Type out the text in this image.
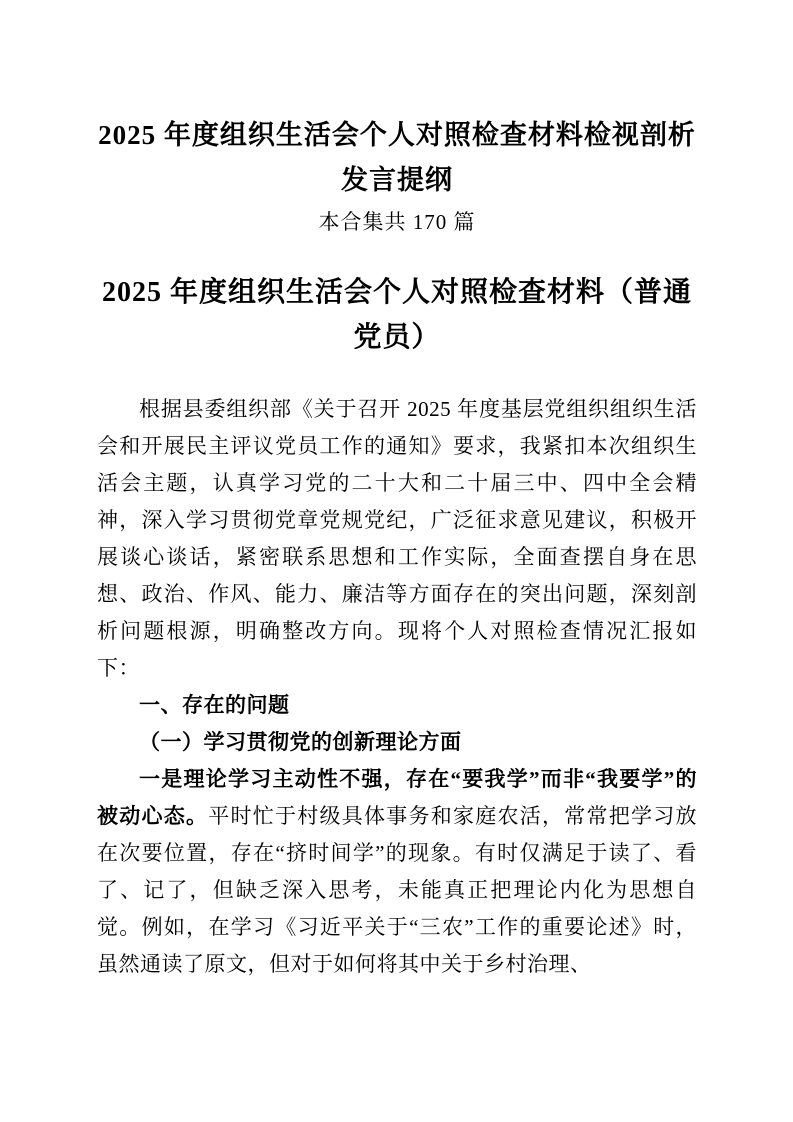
2025 年度组织生活会个人对照检查材料检视剖析发言提纲
本合集共 170 篇
2025 年度组织生活会个人对照检查材料（普通党员）

根据县委组织部《关于召开 2025 年度基层党组织组织生活会和开展民主评议党员工作的通知》要求，我紧扣本次组织生活会主题，认真学习党的二十大和二十届三中、四中全会精神，深入学习贯彻党章党规党纪，广泛征求意见建议，积极开展谈心谈话，紧密联系思想和工作实际，全面查摆自身在思想、政治、作风、能力、廉洁等方面存在的突出问题，深刻剖析问题根源，明确整改方向。现将个人对照检查情况汇报如下：

一、存在的问题
（一）学习贯彻党的创新理论方面

一是理论学习主动性不强，存在“要我学”而非“我要学”的被动心态。平时忙于村级具体事务和家庭农活，常常把学习放在次要位置，存在“挤时间学”的现象。有时仅满足于读了、看了、记了，但缺乏深入思考，未能真正把理论内化为思想自觉。例如，在学习《习近平关于“三农”工作的重要论述》时，虽然通读了原文，但对于如何将其中关于乡村治理、
